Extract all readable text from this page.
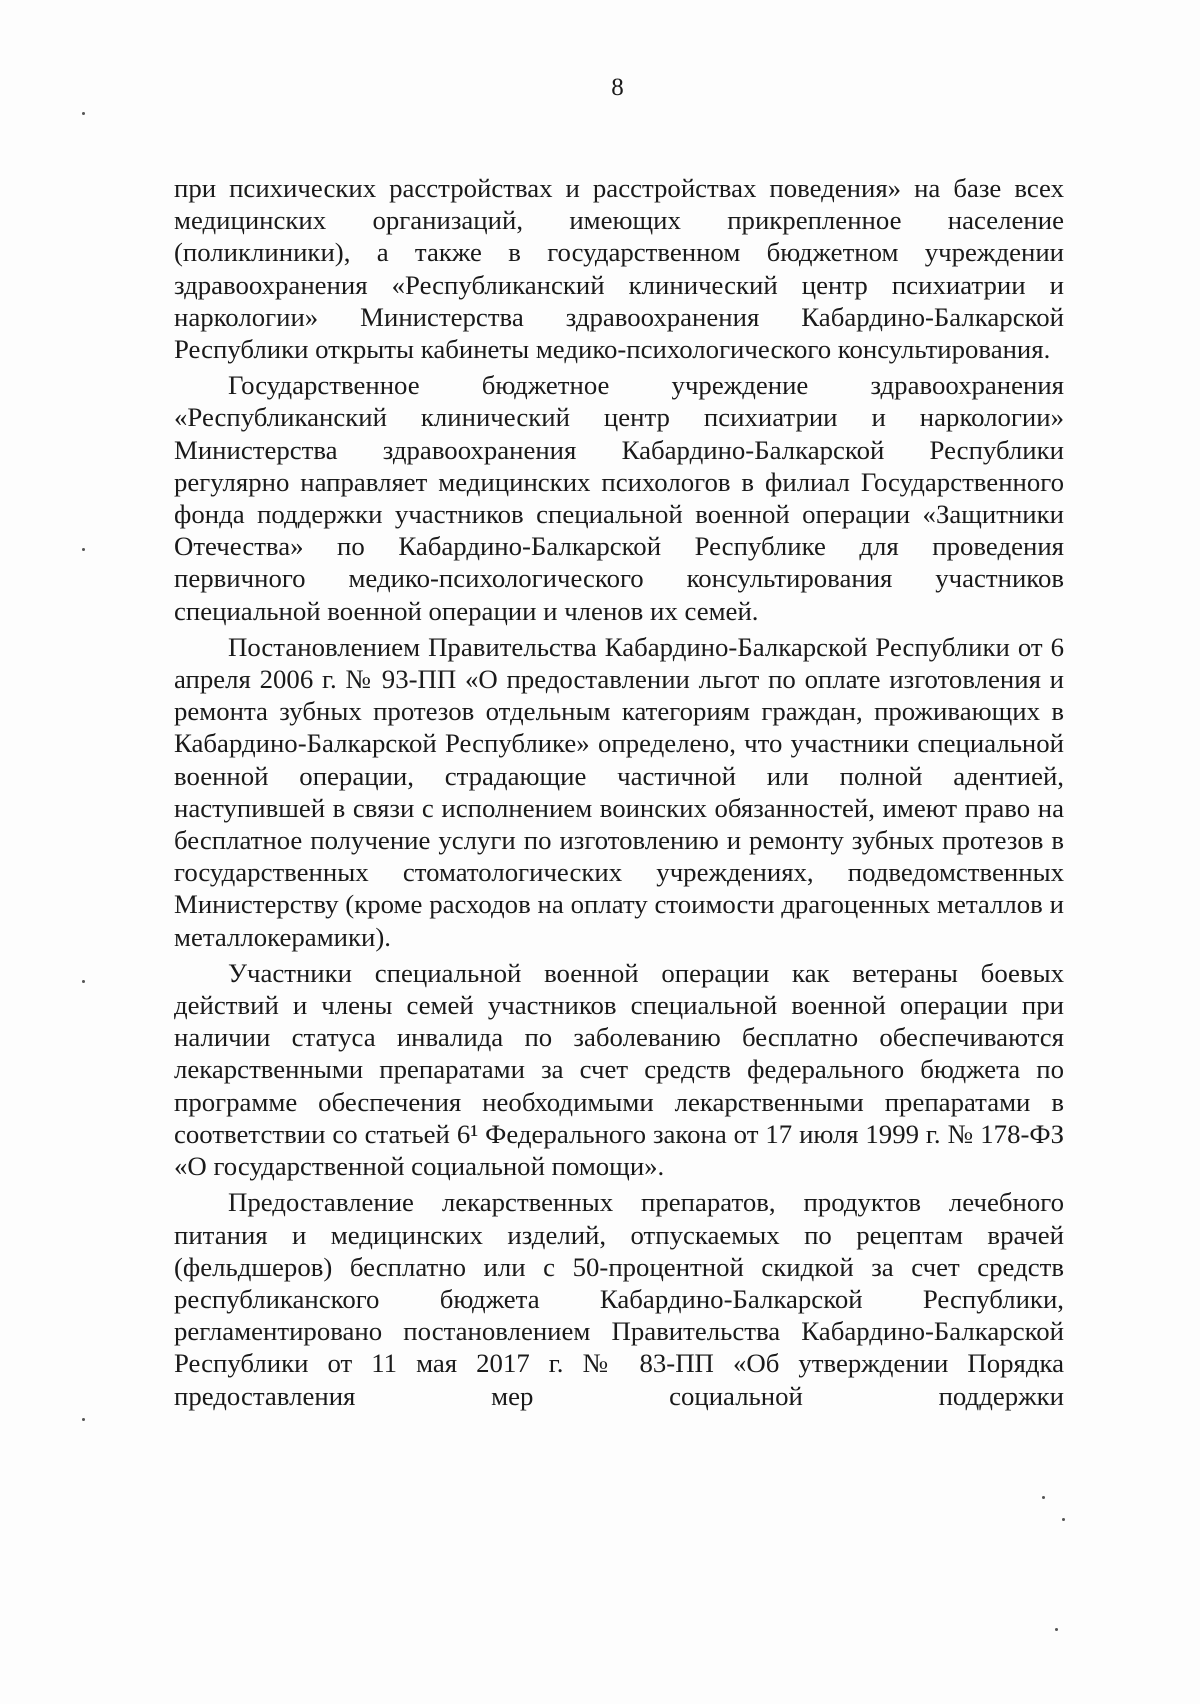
8

при психических расстройствах и расстройствах поведения» на базе всех медицинских организаций, имеющих прикрепленное население (поликлиники), а также в государственном бюджетном учреждении здравоохранения «Республиканский клинический центр психиатрии и наркологии» Министерства здравоохранения Кабардино-Балкарской Республики открыты кабинеты медико-психологического консультирования.

Государственное бюджетное учреждение здравоохранения «Республиканский клинический центр психиатрии и наркологии» Министерства здравоохранения Кабардино-Балкарской Республики регулярно направляет медицинских психологов в филиал Государственного фонда поддержки участников специальной военной операции «Защитники Отечества» по Кабардино-Балкарской Республике для проведения первичного медико-психологического консультирования участников специальной военной операции и членов их семей.

Постановлением Правительства Кабардино-Балкарской Республики от 6 апреля 2006 г. № 93-ПП «О предоставлении льгот по оплате изготовления и ремонта зубных протезов отдельным категориям граждан, проживающих в Кабардино-Балкарской Республике» определено, что участники специальной военной операции, страдающие частичной или полной адентией, наступившей в связи с исполнением воинских обязанностей, имеют право на бесплатное получение услуги по изготовлению и ремонту зубных протезов в государственных стоматологических учреждениях, подведомственных Министерству (кроме расходов на оплату стоимости драгоценных металлов и металлокерамики).

Участники специальной военной операции как ветераны боевых действий и члены семей участников специальной военной операции при наличии статуса инвалида по заболеванию бесплатно обеспечиваются лекарственными препаратами за счет средств федерального бюджета по программе обеспечения необходимыми лекарственными препаратами в соответствии со статьей 6¹ Федерального закона от 17 июля 1999 г. № 178-ФЗ «О государственной социальной помощи».

Предоставление лекарственных препаратов, продуктов лечебного питания и медицинских изделий, отпускаемых по рецептам врачей (фельдшеров) бесплатно или с 50-процентной скидкой за счет средств республиканского бюджета Кабардино-Балкарской Республики, регламентировано постановлением Правительства Кабардино-Балкарской Республики от 11 мая 2017 г. № 83-ПП «Об утверждении Порядка предоставления мер социальной поддержки
